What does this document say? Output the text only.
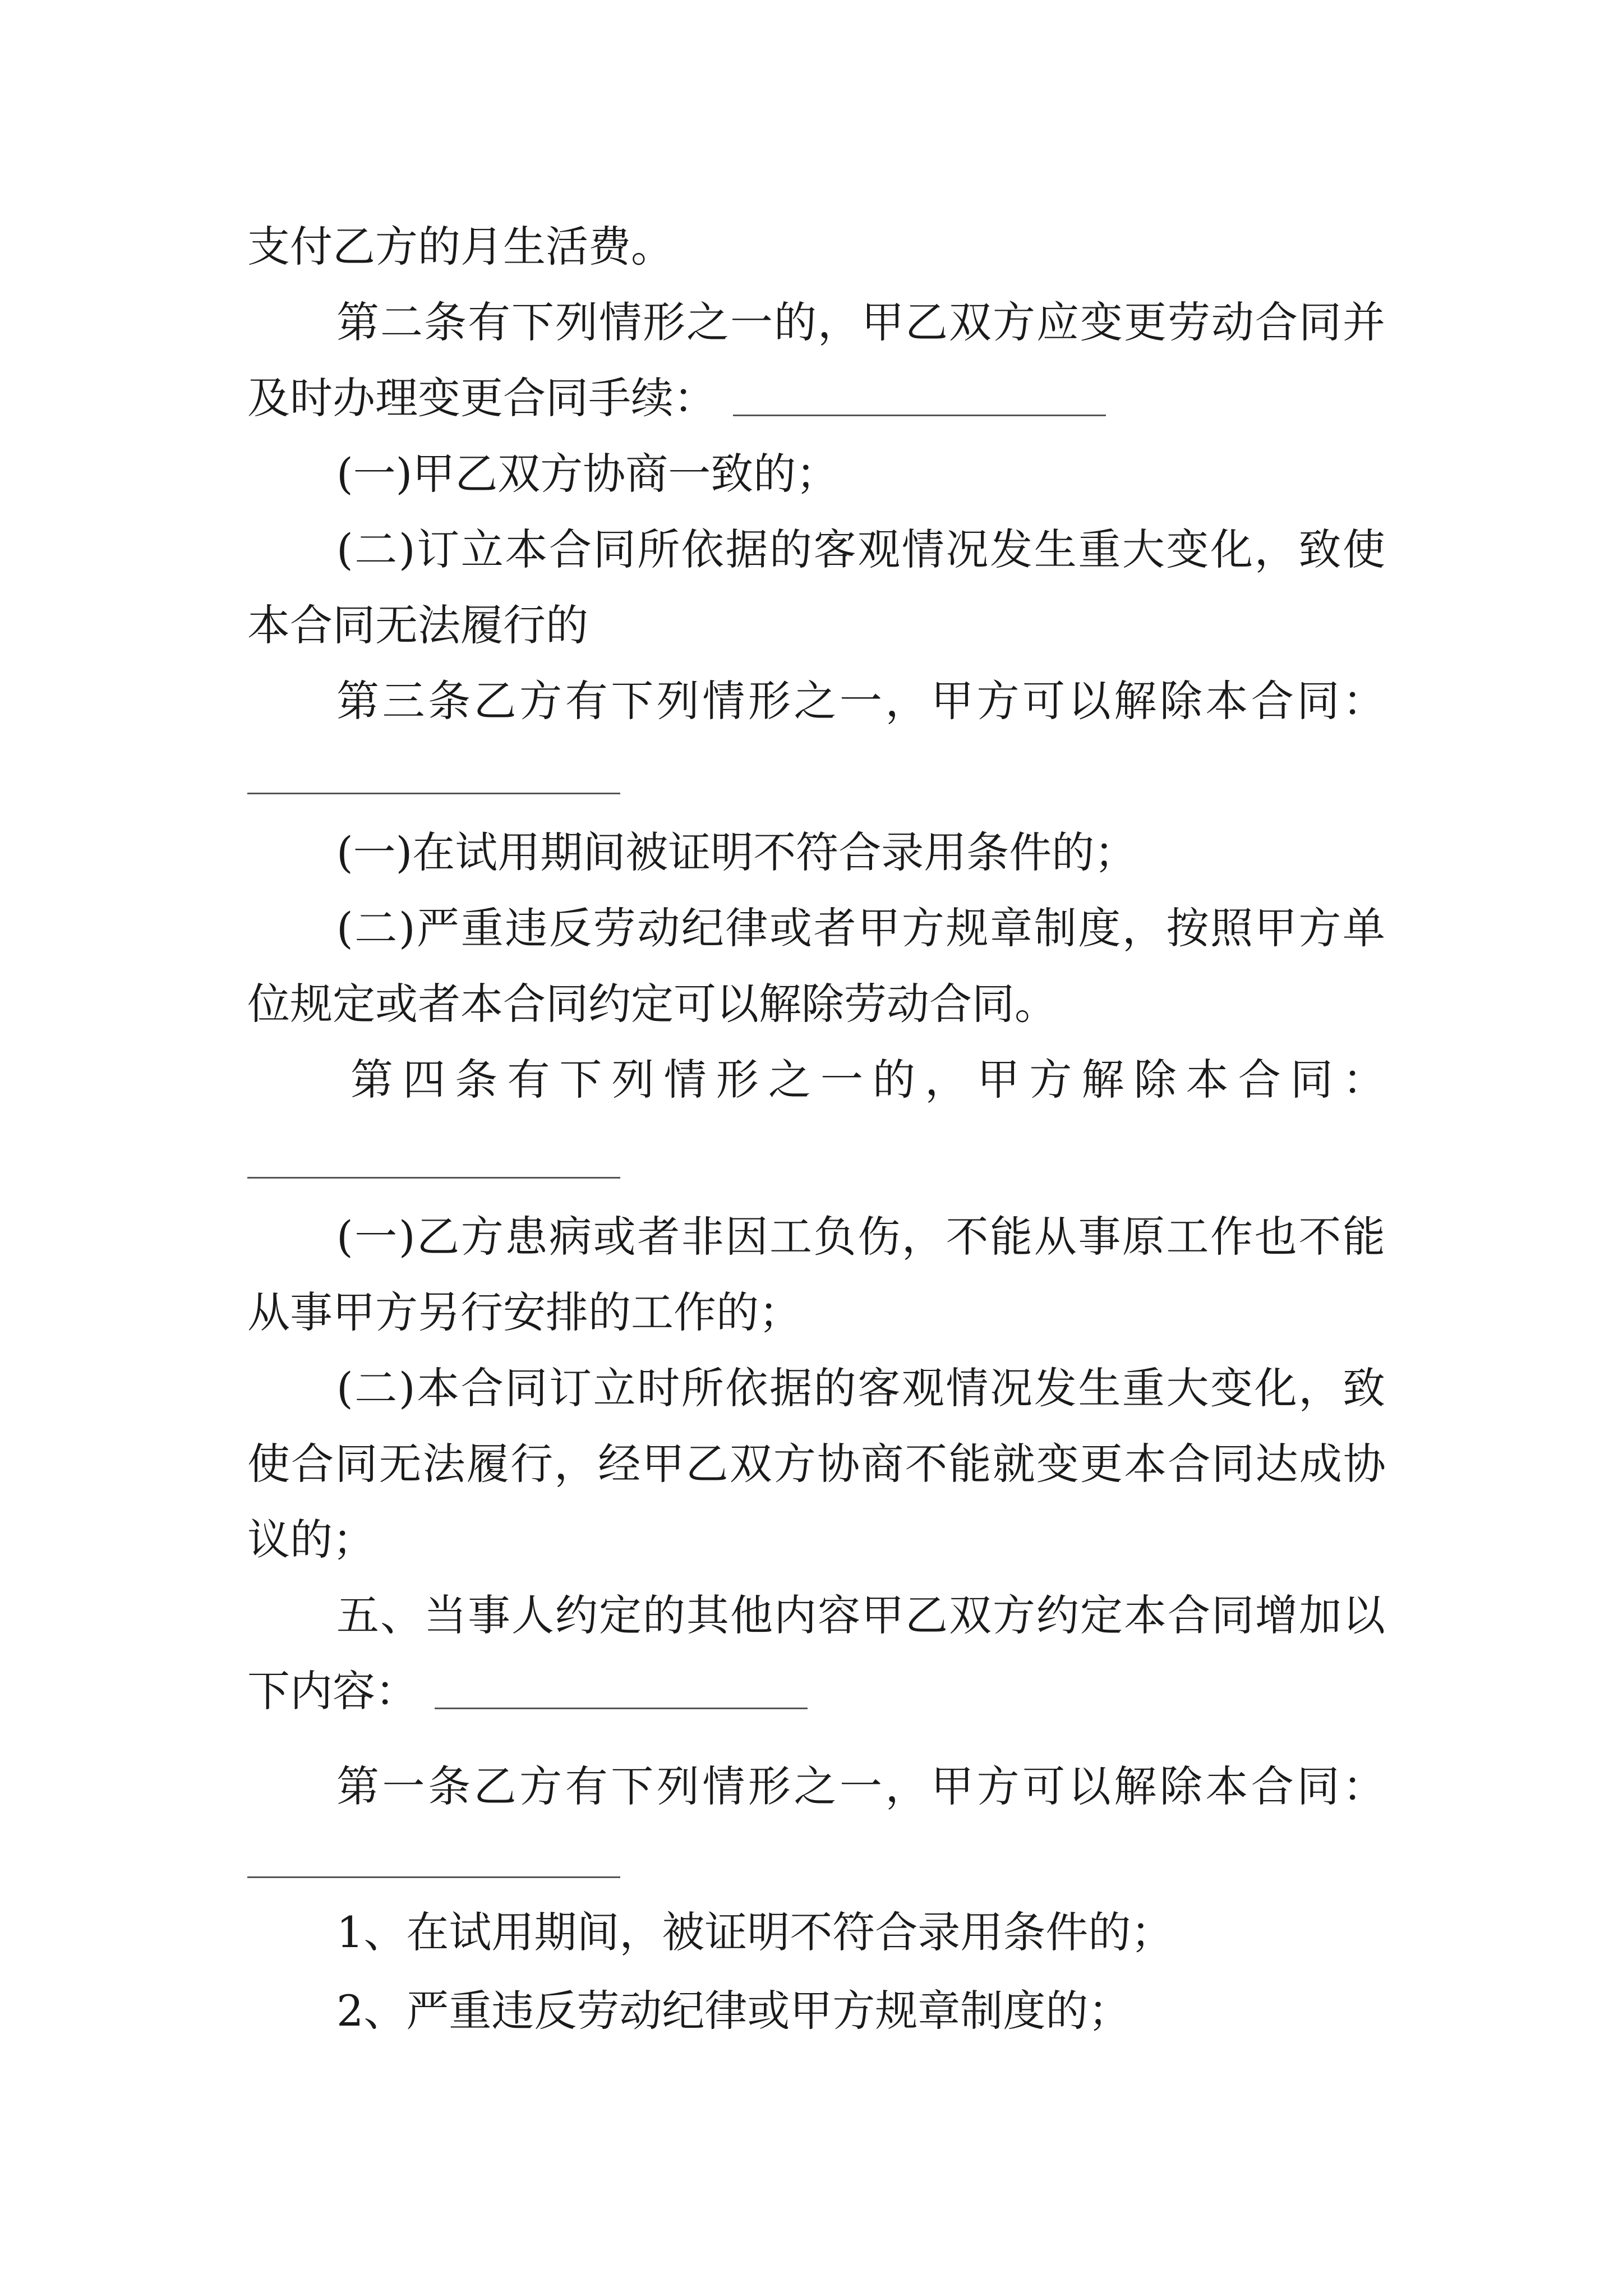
支付乙方的月生活费。
第二条有下列情形之一的，甲乙双方应变更劳动合同并
及时办理变更合同手续：
(一)甲乙双方协商一致的；
(二)订立本合同所依据的客观情况发生重大变化，致使
本合同无法履行的
第三条乙方有下列情形之一，甲方可以解除本合同：
(一)在试用期间被证明不符合录用条件的；
(二)严重违反劳动纪律或者甲方规章制度，按照甲方单
位规定或者本合同约定可以解除劳动合同。
第四条有下列情形之一的，甲方解除本合同：
(一)乙方患病或者非因工负伤，不能从事原工作也不能
从事甲方另行安排的工作的；
(二)本合同订立时所依据的客观情况发生重大变化，致
使合同无法履行，经甲乙双方协商不能就变更本合同达成协
议的；
五、当事人约定的其他内容甲乙双方约定本合同增加以
下内容：
第一条乙方有下列情形之一，甲方可以解除本合同：
1、在试用期间，被证明不符合录用条件的；
2、严重违反劳动纪律或甲方规章制度的；
